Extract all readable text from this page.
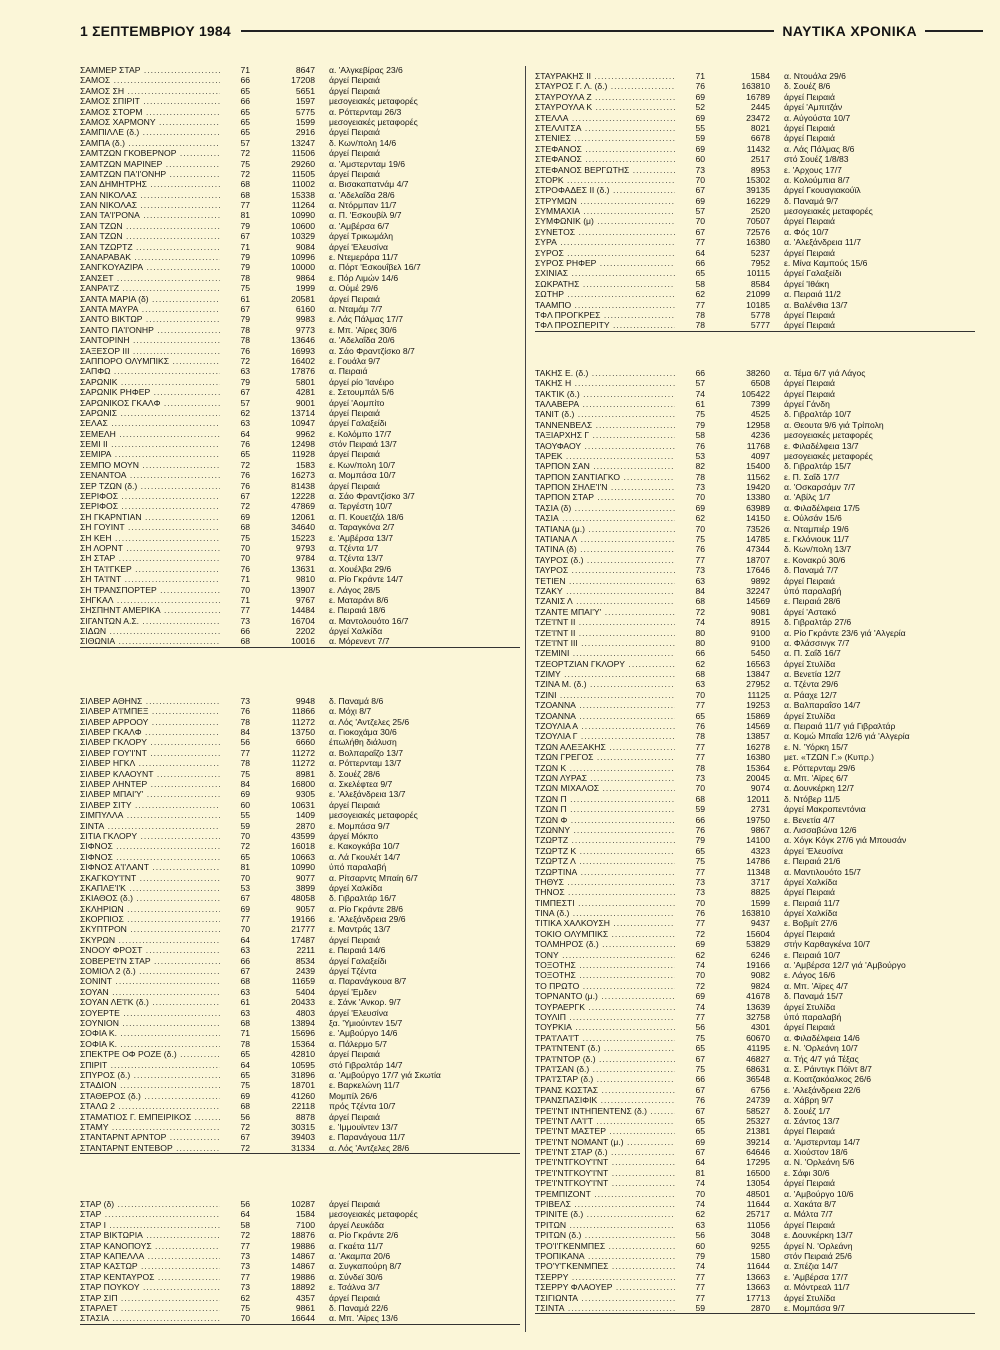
1 ΣΕΠΤΕΜΒΡΙΟΥ 1984	ΝΑΥΤΙΚΑ ΧΡΟΝΙΚΑ
ΣΑΜΜΕΡ ΣΤΑΡ .....	71	8647	α. 'Αλγκεβίρας 23/6
ΣΑΜΟΣ .....	66	17208	άργεί Πειραιά
ΣΑΜΟΣ ΣΗ .....	65	5651	άργεί Πειραιά
ΣΑΜΟΣ ΣΠΙΡΙΤ .....	66	1597	μεσογειακές μεταφορές
ΣΑΜΟΣ ΣΤΟΡΜ .....	65	5775	α. Ρόττερνταμ 26/3
ΣΑΜΟΣ ΧΑΡΜΟΝΥ .....	65	1599	μεσογειακές μεταφορές
ΣΑΜΠΙΛΛΕ (δ.) .....	65	2916	άργεί Πειραιά
ΣΑΜΠΑ (δ.) .....	57	13247	δ. Κων/πολη 14/6
ΣΑΜΤΖΩΝ ΓΚΟΒΕΡΝΟΡ .....	72	11506	άργεί Πειραιά
ΣΑΜΤΖΩΝ ΜΑΡΙΝΕΡ .....	75	29260	α. 'Αμστερνταμ 19/6
ΣΑΜΤΖΩΝ ΠΑ'Ι'ΟΝΗΡ .....	72	11505	άργεί Πειραιά
ΣΑΝ ΔΗΜΗΤΡΗΣ .....	68	11002	α. Βισακαπατνάμ 4/7
ΣΑΝ ΝΙΚΟΛΑΣ .....	68	15338	α. 'Αδελαΐδα 28/6
ΣΑΝ ΝΙΚΟΛΑΣ .....	77	11264	α. Ντόρμπαν 11/7
ΣΑΝ ΤΑ'Ι'ΡΟΝΑ .....	81	10990	α. Π. 'Εσκουβίλ 9/7
ΣΑΝ ΤΖΩΝ .....	79	10600	α. 'Αμβέρσα 6/7
ΣΑΝ ΤΖΩΝ .....	67	10329	άργεί Τρικωμάλη
ΣΑΝ ΤΖΩΡΤΖ .....	71	9084	άργεί 'Ελευσίνα
ΣΑΝΑΡΑΒΑΚ .....	79	10996	ε. Ντεμεράρα 11/7
ΣΑΝΓΚΟΥΑΖΙΡΑ .....	79	10000	α. Πόρτ 'Εσκουΐβελ 16/7
ΣΑΝΣΕΤ .....	78	9864	ε. Πόρ Λιμών 14/6
ΣΑΝΡΑ'Ι'Ζ .....	75	1999	α. Ούμέ 29/6
ΣΑΝΤΑ ΜΑΡΙΑ (δ) .....	61	20581	άργεί Πειραιά
ΣΑΝΤΑ ΜΑΥΡΑ .....	67	6160	α. Νταμάμ 7/7
ΣΑΝΤΟ ΒΙΚΤΩΡ .....	79	9983	ε. Λάς Πάλμας 17/7
ΣΑΝΤΟ ΠΑ'Ι'ΟΝΗΡ .....	78	9773	ε. Μπ. 'Αϊρες 30/6
ΣΑΝΤΟΡΙΝΗ .....	78	13646	α. 'Αδελαΐδα 20/6
ΣΑΞΕΣΟΡ ΙΙΙ .....	76	16993	α. Σάο Φραντζίσκο 8/7
ΣΑΠΠΟΡΟ ΟΛΥΜΠΙΚΣ .....	72	16402	ε. Γουάλα 9/7
ΣΑΠΦΩ .....	63	17876	α. Πειραιά
ΣΑΡΩΝΙΚ .....	79	5801	άργεί ρίο 'Ιανέιρο
ΣΑΡΩΝΙΚ ΡΗΦΕΡ .....	67	4281	ε. Σετουμπάλ 5/6
ΣΑΡΩΝΙΚΟΣ ΓΚΑΛΦ .....	57	9001	άργεί 'Αομπίτο
ΣΑΡΩΝΙΣ .....	62	13714	άργεί Πειραιά
ΣΕΛΑΣ .....	63	10947	άργεί Γαλαξείδι
ΣΕΜΕΛΗ .....	64	9962	ε. Κολόμπο 17/7
ΣΕΜΙ ΙΙ .....	76	12498	στόν Πειραιά 13/7
ΣΕΜΙΡΑ .....	65	11928	άργεί Πειραιά
ΣΕΜΠΟ ΜΟΥΝ .....	72	1583	ε. Κων/πολη 10/7
ΣΕΝΑΝΤΟΑ .....	76	16273	α. Μομπάσα 10/7
ΣΕΡ ΤΖΩΝ (δ.) .....	76	81438	άργεί Πειραιά
ΣΕΡΙΦΟΣ .....	67	12228	α. Σάο Φραντζίσκο 3/7
ΣΕΡΙΦΟΣ .....	72	47869	α. Τεργέστη 10/7
ΣΗ ΓΚΑΡΝΤΙΑΝ .....	69	12061	α. Π. Κουετζάλ 18/6
ΣΗ ΓΟΥΙΝΤ .....	68	34640	α. Ταραγκόνα 2/7
ΣΗ ΚΕΗ .....	75	15223	ε. 'Αμβέρσα 13/7
ΣΗ ΛΟΡΝΤ .....	70	9793	α. Τζέντα 1/7
ΣΗ ΣΤΑΡ .....	70	9784	α. Τζέντα 13/7
ΣΗ ΤΑ'Ι'ΓΚΕΡ .....	76	13631	α. Χουέλβα 29/6
ΣΗ ΤΑ'Ι'ΝΤ .....	71	9810	α. Ρίο Γκράντε 14/7
ΣΗ ΤΡΑΝΣΠΟΡΤΕΡ .....	70	13907	ε. Λάγος 28/5
ΣΗΓΚΑΛ .....	71	9767	ε. Ματαράνι 8/6
ΣΗΣΠΗΝΤ ΑΜΕΡΙΚΑ .....	77	14484	ε. Πειραιά 18/6
ΣΙΓΑΝΤΩΝ Α.Σ. .....	73	16704	α. Μαντολουότο 16/7
ΣΙΔΩΝ .....	66	2202	άργεί Χαλκίδα
ΣΙΘΩΝΙΑ .....	68	10016	α. Μόρενεντ 7/7
ΣΙΛΒΕΡ ΑΘΗΝΣ .....	73	9948	δ. Παναμά 8/6
ΣΙΛΒΕΡ Α'Ι'ΜΠΕΞ .....	76	11866	α. Μόχι 8/7
ΣΙΛΒΕΡ ΑΡΡΟΟΥ .....	78	11272	α. Λός 'Αντζελες 25/6
ΣΙΛΒΕΡ ΓΚΑΛΦ .....	84	13750	α. Γιοκοχάμα 30/6
ΣΙΛΒΕΡ ΓΚΛΟΡΥ .....	56	6660	έπωλήθη διάλυση
ΣΙΛΒΕΡ ΓΟΥ'Ι'ΝΤ .....	77	11272	α. Βολπαραΐζο 13/7
ΣΙΛΒΕΡ ΗΓΚΛ .....	78	11272	α. Ρόττερνταμ 13/7
ΣΙΛΒΕΡ ΚΛΑΟΥΝΤ .....	75	8981	δ. Σουέζ 28/6
ΣΙΛΒΕΡ ΛΗΝΤΕΡ .....	84	16800	α. Σκελέφτεα 9/7
ΣΙΛΒΕΡ ΜΠΑΙ'Υ' .....	69	9305	ε. 'Αλεξάνδρεια 13/7
ΣΙΛΒΕΡ ΣΙΤΥ .....	60	10631	άργεί Πειραιά
ΣΙΜΠΥΛΛΑ .....	55	1409	μεσογειακές μεταφορές
ΣΙΝΤΑ .....	59	2870	ε. Μομπάσα 9/7
ΣΙΤΙΑ ΓΚΛΟΡΥ .....	70	43599	άργεί Μόκπο
ΣΙΦΝΟΣ .....	72	16018	ε. Κακογκάβα 10/7
ΣΙΦΝΟΣ .....	65	10663	α. Λά Γκουλέτ 14/7
ΣΙΦΝΟΣ Α'Ι'ΛΑΝΤ .....	81	10990	ύπό παραλαβή
ΣΚΑΓΚΟΥ'Ι'ΝΤ .....	70	9077	α. Ρίτσαρντς Μπαίη 6/7
ΣΚΑΠΛΕ'Ι'Κ .....	53	3899	άργεί Χαλκίδα
ΣΚΙΑΘΟΣ (δ.) .....	67	48058	δ. Γιβραλτάρ 16/7
ΣΚΛΗΡΙΩΝ .....	69	9057	α. Ρίο Γκράντε 28/6
ΣΚΟΡΠΙΟΣ .....	77	19166	ε. 'Αλεξάνδρεια 29/6
ΣΚΥΠΤΡΟΝ .....	70	21777	ε. Μαντράς 13/7
ΣΚΥΡΩΝ .....	64	17487	άργεί Πειραιά
ΣΝΟΟΥ ΦΡΟΣΤ .....	63	2211	ε. Πειραιά 14/6
ΣΟΒΕΡΕ'Ι'Ν ΣΤΑΡ .....	66	8534	άργεί Γαλαξείδι
ΣΟΜΙΟΛ 2 (δ.) .....	67	2439	άργεί Τζέντα
ΣΟΝΙΝΤ .....	68	11659	α. Παρανάγκουα 8/7
ΣΟΥΑΝ .....	63	5404	άργεί 'Εμδεν
ΣΟΥΑΝ ΛΕ'Ι'Κ (δ.) .....	61	20433	ε. Σάνκ 'Ανκορ. 9/7
ΣΟΥΕΡΤΕ .....	63	4803	άργεί 'Ελευσίνα
ΣΟΥΝΙΟΝ .....	68	13894	ξα. 'Υμιούιντεν 15/7
ΣΟΦΙΑ Κ. .....	71	15696	ε. 'Αμβούργο 14/6
ΣΟΦΙΑ Κ. .....	78	15364	α. Πάλερμο 5/7
ΣΠΕΚΤΡΕ ΟΦ ΡΟΖΕ (δ.) .....	65	42810	άργεί Πειραιά
ΣΠΙΡΙΤ .....	64	10595	στό Γιβραλτάρ 14/7
ΣΠΥΡΟΣ (δ.) .....	65	31896	α. 'Αμβούργο 17/7 γιά Σκωτία
ΣΤΑΔΙΟΝ .....	75	18701	ε. Βαρκελώνη 11/7
ΣΤΑΘΕΡΟΣ (δ.) .....	69	41260	Μομπίλ 26/6
ΣΤΑΛΩ 2 .....	68	22118	πρός Τζέντα 10/7
ΣΤΑΜΑΤΙΟΣ Γ. ΕΜΠΕΙΡΙΚΟΣ .....	56	8878	άργεί Πειραιά
ΣΤΑΜΥ .....	72	30315	ε. 'Ιμμουίντεν 13/7
ΣΤΑΝΤΑΡΝΤ ΑΡΝΤΟΡ .....	67	39403	ε. Παρανάγουα 11/7
ΣΤΑΝΤΑΡΝΤ ΕΝΤΕΒΟΡ .....	72	31334	α. Λός 'Αντζελες 28/6
ΣΤΑΡ (δ) .....	56	10287	άργεί Πειραιά
ΣΤΑΡ .....	64	1584	μεσογειακές μεταφορές
ΣΤΑΡ Ι .....	58	7100	άργεί Λευκάδα
ΣΤΑΡ ΒΙΚΤΩΡΙΑ .....	72	18876	α. Ρίο Γκράντε 2/6
ΣΤΑΡ ΚΑΝΟΠΟΥΣ .....	77	19886	α. Γκαέτα 11/7
ΣΤΑΡ ΚΑΠΕΛΛΑ .....	73	14867	α. 'Ακαμπα 20/6
ΣΤΑΡ ΚΑΣΤΩΡ .....	73	14867	α. Συγκαπούρη 8/7
ΣΤΑΡ ΚΕΝΤΑΥΡΟΣ .....	77	19886	α. Σύνδεϊ 30/6
ΣΤΑΡ ΠΟΥΚΟΥ .....	73	18892	ε. Τσάλνα 3/7
ΣΤΑΡ ΣΙΠ .....	62	4357	άργεί Πειραιά
ΣΤΑΡΛΕΤ .....	75	9861	δ. Παναμά 22/6
ΣΤΑΣΙΑ .....	70	16644	α. Μπ. 'Αϊρες 13/6
ΣΤΑΥΡΑΚΗΣ ΙΙ .....	71	1584	α. Ντουάλα 29/6
ΣΤΑΥΡΟΣ Γ. Λ. (δ.) .....	76	163810	δ. Σουέζ 8/6
ΣΤΑΥΡΟΥΛΑ Ζ .....	69	16789	άργεί Πειραιά
ΣΤΑΥΡΟΥΛΑ Κ .....	52	2445	άργεί 'Αμπιτζάν
ΣΤΕΛΛΑ .....	69	23472	α. Αύγούστα 10/7
ΣΤΕΛΛΙΤΣΑ .....	55	8021	άργεί Πειραιά
ΣΤΕΝΙΕΣ .....	59	6678	άργεί Πειραιά
ΣΤΕΦΑΝΟΣ .....	69	11432	α. Λάς Πάλμας 8/6
ΣΤΕΦΑΝΟΣ .....	60	2517	στό Σουέζ 1/8/83
ΣΤΕΦΑΝΟΣ ΒΕΡΓΩΤΗΣ .....	73	8953	ε. 'Αρχους 17/7
ΣΤΟΡΚ .....	70	15302	α. Κολούμπια 8/7
ΣΤΡΟΦΑΔΕΣ ΙΙ (δ.) .....	67	39135	άργεί Γκουαγιακούϊλ
ΣΤΡΥΜΩΝ .....	69	16229	δ. Παναμά 9/7
ΣΥΜΜΑΧΙΑ .....	57	2520	μεσογειακές μεταφορές
ΣΥΜΦΩΝΙΚ (μ) .....	70	70507	άργεί Πειραιά
ΣΥΝΕΤΟΣ .....	67	72576	α. Φός 10/7
ΣΥΡΑ .....	77	16380	α. 'Αλεξάνδρεια 11/7
ΣΥΡΟΣ .....	64	5237	άργεί Πειραιά
ΣΥΡΟΣ ΡΗΦΕΡ .....	66	7952	ε. Μίνα Καμπούς 15/6
ΣΧΙΝΙΑΣ .....	65	10115	άργεί Γαλαξείδι
ΣΩΚΡΑΤΗΣ .....	58	8584	άργεί 'Ιθάκη
ΣΩΤΗΡ .....	62	21099	α. Πειραιά 11/2
ΤΑΑΜΠΟ .....	77	10185	α. Βαλένθια 13/7
ΤΦΛ ΠΡΟΓΚΡΕΣ .....	78	5778	άργεί Πειραιά
ΤΦΛ ΠΡΟΣΠΕΡΙΤΥ .....	78	5777	άργεί Πειραιά
ΤΑΚΗΣ Ε. (δ.) .....	66	38260	α. Τέμα 6/7 γιά Λάγος
ΤΑΚΗΣ Η .....	57	6508	άργεί Πειραιά
ΤΑΚΤΙΚ (δ.) .....	74	105422	άργεί Πειραιά
ΤΑΛΑΒΕΡΑ .....	61	7399	άργεί Γάνδη
ΤΑΝΙΤ (δ.) .....	75	4525	δ. Γιβραλτάρ 10/7
ΤΑΝΝΕΝΒΕΛΣ .....	79	12958	α. Θεουτα 9/6 γιά Τρίπολη
ΤΑΞΙΑΡΧΗΣ Γ .....	58	4236	μεσογειακές μεταφορές
ΤΑΟΥΦΑΟΥ .....	76	11768	ε. Φιλαδέλφεια 13/7
ΤΑΡΕΚ .....	53	4097	μεσογειακές μεταφορές
ΤΑΡΠΟΝ ΣΑΝ .....	82	15400	δ. Γιβραλτάρ 15/7
ΤΑΡΠΟΝ ΣΑΝΤΙΑΓΚΟ .....	78	11562	ε. Π. Σαΐδ 17/7
ΤΑΡΠΟΝ ΣΗΛΕ'Ι'Ν .....	73	19420	α. 'Οσκαρσάμν 7/7
ΤΑΡΠΟΝ ΣΤΑΡ .....	70	13380	α. 'Αβίλς 1/7
ΤΑΣΙΑ (δ) .....	69	63989	α. Φιλαδέλφεια 17/5
ΤΑΣΙΑ .....	62	14150	ε. Ούλσάν 15/6
ΤΑΤΙΑΝΑ (μ.) .....	70	73526	α. Νταμπιέρ 19/6
ΤΑΤΙΑΝΑ Λ .....	75	14785	ε. Γκλόνιουκ 11/7
ΤΑΤΙΝΑ (δ) .....	76	47344	δ. Κων/πολη 13/7
ΤΑΥΡΟΣ (δ.) .....	77	18707	ε. Κονακρύ 30/6
ΤΑΥΡΟΣ .....	73	17646	δ. Παναμά 7/7
ΤΕΤΙΕΝ .....	63	9892	άργεί Πειραιά
ΤΖΑΚΥ .....	84	32247	ύπό παραλαβή
ΤΖΑΝΙΣ Λ .....	68	14569	ε. Πειραιά 28/6
ΤΖΑΝΤΕ ΜΠΑΙ'Υ' .....	72	9081	άργεί 'Αστακό
ΤΖΕ'Ι'ΝΤ ΙΙ .....	74	8915	δ. Γιβραλτάρ 27/6
ΤΖΕ'Ι'ΝΤ ΙΙ .....	80	9100	α. Ρίο Γκράντε 23/6 γιά 'Αλγερία
ΤΖΕ'Ι'ΝΤ ΙΙΙ .....	80	9100	α. Φλάσσινγκ 7/7
ΤΖΕΜΙΝΙ .....	66	5450	α. Π. Σαΐδ 16/7
ΤΖΕΟΡΤΖΙΑΝ ΓΚΛΟΡΥ .....	62	16563	άργεί Στυλίδα
ΤΖΙΜΥ .....	68	13847	α. Βενετία 12/7
ΤΖΙΝΑ Μ. (δ.) .....	63	27952	α. Τζέντα 29/6
ΤΖΙΝΙ .....	70	11125	α. Ράαχε 12/7
ΤΖΟΑΝΝΑ .....	77	19253	α. Βαλπαραΐσο 14/7
ΤΖΟΑΝΝΑ .....	65	15869	άργεί Στυλίδα
ΤΖΟΥΛΙΑ Α .....	76	14569	α. Πειραιά 11/7 γιά Γιβραλτάρ
ΤΖΟΥΛΙΑ Γ .....	78	13857	α. Κομώ Μπαΐα 12/6 γιά 'Αλγερία
ΤΖΩΝ ΑΛΕΞΑΚΗΣ .....	77	16278	ε. Ν. 'Υόρκη 15/7
ΤΖΩΝ ΓΡΕΓΟΣ .....	77	16380	μετ. «ΤΖΩΝ Γ.» (Κυπρ.)
ΤΖΩΝ Κ .....	78	15364	ε. Ρόττερνταμ 29/6
ΤΖΩΝ ΛΥΡΑΣ .....	73	20045	α. Μπ. 'Αϊρες 6/7
ΤΖΩΝ ΜΙΧΑΛΟΣ .....	70	9074	α. Δουνκέρκη 12/7
ΤΖΩΝ Π .....	68	12011	δ. Ντόβερ 11/5
ΤΖΩΝ Π .....	59	2731	άργεί Μακροπεντόνια
ΤΖΩΝ Φ .....	66	19750	ε. Βενετία 4/7
ΤΖΩΝΝΥ .....	76	9867	α. Λισσαβώνα 12/6
ΤΖΩΡΤΖ .....	79	14100	α. Χόγκ Κόγκ 27/6 γιά Μπουσάν
ΤΖΩΡΤΖ Κ .....	65	4323	άργεί 'Ελευσίνα
ΤΖΩΡΤΖ Λ .....	75	14786	ε. Πειραιά 21/6
ΤΖΩΡΤΙΝΑ .....	77	11348	α. Μαντιλουότο 15/7
ΤΗΘΥΣ .....	73	3717	άργεί Χαλκίδα
ΤΗΝΟΣ .....	73	8825	άργεί Πειραιά
ΤΙΜΠΕΣΤΙ .....	70	1599	ε. Πειραιά 11/7
ΤΙΝΑ (δ.) .....	76	163810	άργεί Χαλκίδα
ΤΙΤΙΚΑ ΧΑΛΚΟΥΣΗ .....	77	9437	ε. Βοβμίτ 27/6
ΤΟΚΙΟ ΟΛΥΜΠΙΚΣ .....	72	15604	άργεί Πειραιά
ΤΟΛΜΗΡΟΣ (δ.) .....	69	53829	στήν Καρθαγκένα 10/7
ΤΟΝΥ .....	62	6246	ε. Πειραιά 10/7
ΤΟΞΟΤΗΣ .....	74	19166	α. 'Αμβέρσα 12/7 γιά 'Αμβούργο
ΤΟΞΟΤΗΣ .....	70	9082	ε. Λάγος 16/6
ΤΟ ΠΡΩΤΟ .....	72	9824	α. Μπ. 'Αϊρες 4/7
ΤΟΡΝΑΝΤΟ (μ.) .....	69	41678	δ. Παναμά 15/7
ΤΟΥΡΑΕΡΓΚ .....	74	13639	άργεί Στυλίδα
ΤΟΥΛΙΠ .....	77	32758	ύπό παραλαβή
ΤΟΥΡΚΙΑ .....	56	4301	άργεί Πειραιά
ΤΡΑ'Ι'ΛΑ'Ι'Τ .....	75	60670	α. Φιλαδέλφεια 14/6
ΤΡΑ'Ι'ΝΤΕΝΤ (δ.) .....	65	41195	ε. Ν. 'Ορλεάνη 10/7
ΤΡΑ'Ι'ΝΤΟΡ (δ.) .....	67	46827	α. Τής 4/7 γιά Τέξας
ΤΡΑ'Ι'ΣΑΝ (δ.) .....	75	68631	α. Σ. Ράιντιγκ Πόϊντ 8/7
ΤΡΑ'Ι'ΣΤΑΡ (δ.) .....	66	36548	α. Κοατζακόαλκος 26/6
ΤΡΑΝΣ ΚΩΣΤΑΣ .....	67	6756	ε. 'Αλεξάνδρεια 22/6
ΤΡΑΝΣΠΑΣΙΦΙΚ .....	76	24739	α. Χάβρη 9/7
ΤΡΕ'Ι'ΝΤ ΙΝΤΗΠΕΝΤΕΝΣ (δ.) .....	67	58527	δ. Σουέζ 1/7
ΤΡΕ'Ι'ΝΤ ΛΑ'Ι'Τ .....	65	25327	α. Σάντος 13/7
ΤΡΕ'Ι'ΝΤ ΜΑΣΤΕΡ .....	65	21381	άργεί Πειραιά
ΤΡΕ'Ι'ΝΤ ΝΟΜΑΝΤ (μ.) .....	69	39214	α. 'Αμστερνταμ 14/7
ΤΡΕ'Ι'ΝΤ ΣΤΑΡ (δ.) .....	67	64646	α. Χιούστον 18/6
ΤΡΕ'Ι'ΝΤΓΚΟΥ'Ι'ΝΤ .....	64	17295	α. Ν. 'Ορλεάνη 5/6
ΤΡΕ'Ι'ΝΤΓΚΟΥ'Ι'ΝΤ .....	81	16500	ε. Σάφι 30/6
ΤΡΕ'Ι'ΝΤΓΚΟΥ'Ι'ΝΤ .....	74	13054	άργεί Πειραιά
ΤΡΕΜΠΙΖΟΝΤ .....	70	48501	α. 'Αμβούργο 10/6
ΤΡΙΒΕΛΣ .....	74	11644	α. Χακάτα 8/7
ΤΡΙΝΙΤΕ (δ.) .....	62	25717	α. Μάλτα 7/7
ΤΡΙΤΩΝ .....	63	11056	άργεί Πειραιά
ΤΡΙΤΩΝ (δ.) .....	56	3048	ε. Δουνκέρκη 13/7
ΤΡΟ'Ι'ΓΚΕΝΜΠΕΣ .....	60	9255	άργεί Ν. 'Ορλεάνη
ΤΡΟΠΙΚΑΝΑ .....	79	1580	στόν Πειραιά 25/6
ΤΡΟ'Υ'ΓΚΕΝΜΠΕΣ .....	74	11644	α. Σπέζια 14/7
ΤΣΕΡΡΥ .....	77	13663	ε. 'Αμβέρσα 17/7
ΤΣΕΡΡΥ ΦΛΑΟΥΕΡ .....	77	13663	α. Μόντρεαλ 11/7
ΤΣΙΓΙΩΝΤΑ .....	77	17713	άργεί Στυλίδα
ΤΣΙΝΤΑ .....	59	2870	ε. Μομπάσα 9/7
